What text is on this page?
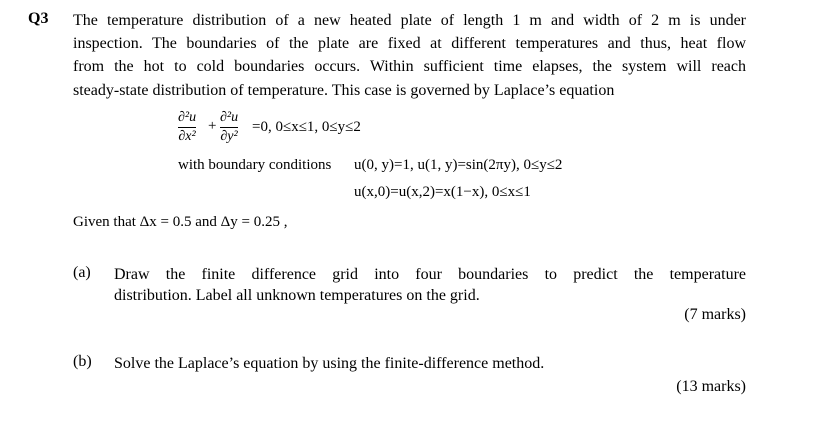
Q3 The temperature distribution of a new heated plate of length 1 m and width of 2 m is under
inspection. The boundaries of the plate are fixed at different temperatures and thus, heat flow
from the hot to cold boundaries occurs. Within sufficient time elapses, the system will reach
steady-state distribution of temperature. This case is governed by Laplace’s equation
∂²u
∂x²
+
∂²u
∂y²
=0, 0≤x≤1, 0≤y≤2
with boundary conditions u(0, y)=1, u(1, y)=sin(2πy), 0≤y≤2
u(x,0)=u(x,2)=x(1−x), 0≤x≤1
Given that Δx = 0.5 and Δy = 0.25 ,
(a) Draw the finite difference grid into four boundaries to predict the temperature
distribution. Label all unknown temperatures on the grid.
(7 marks)
(b) Solve the Laplace’s equation by using the finite-difference method.
(13 marks)
